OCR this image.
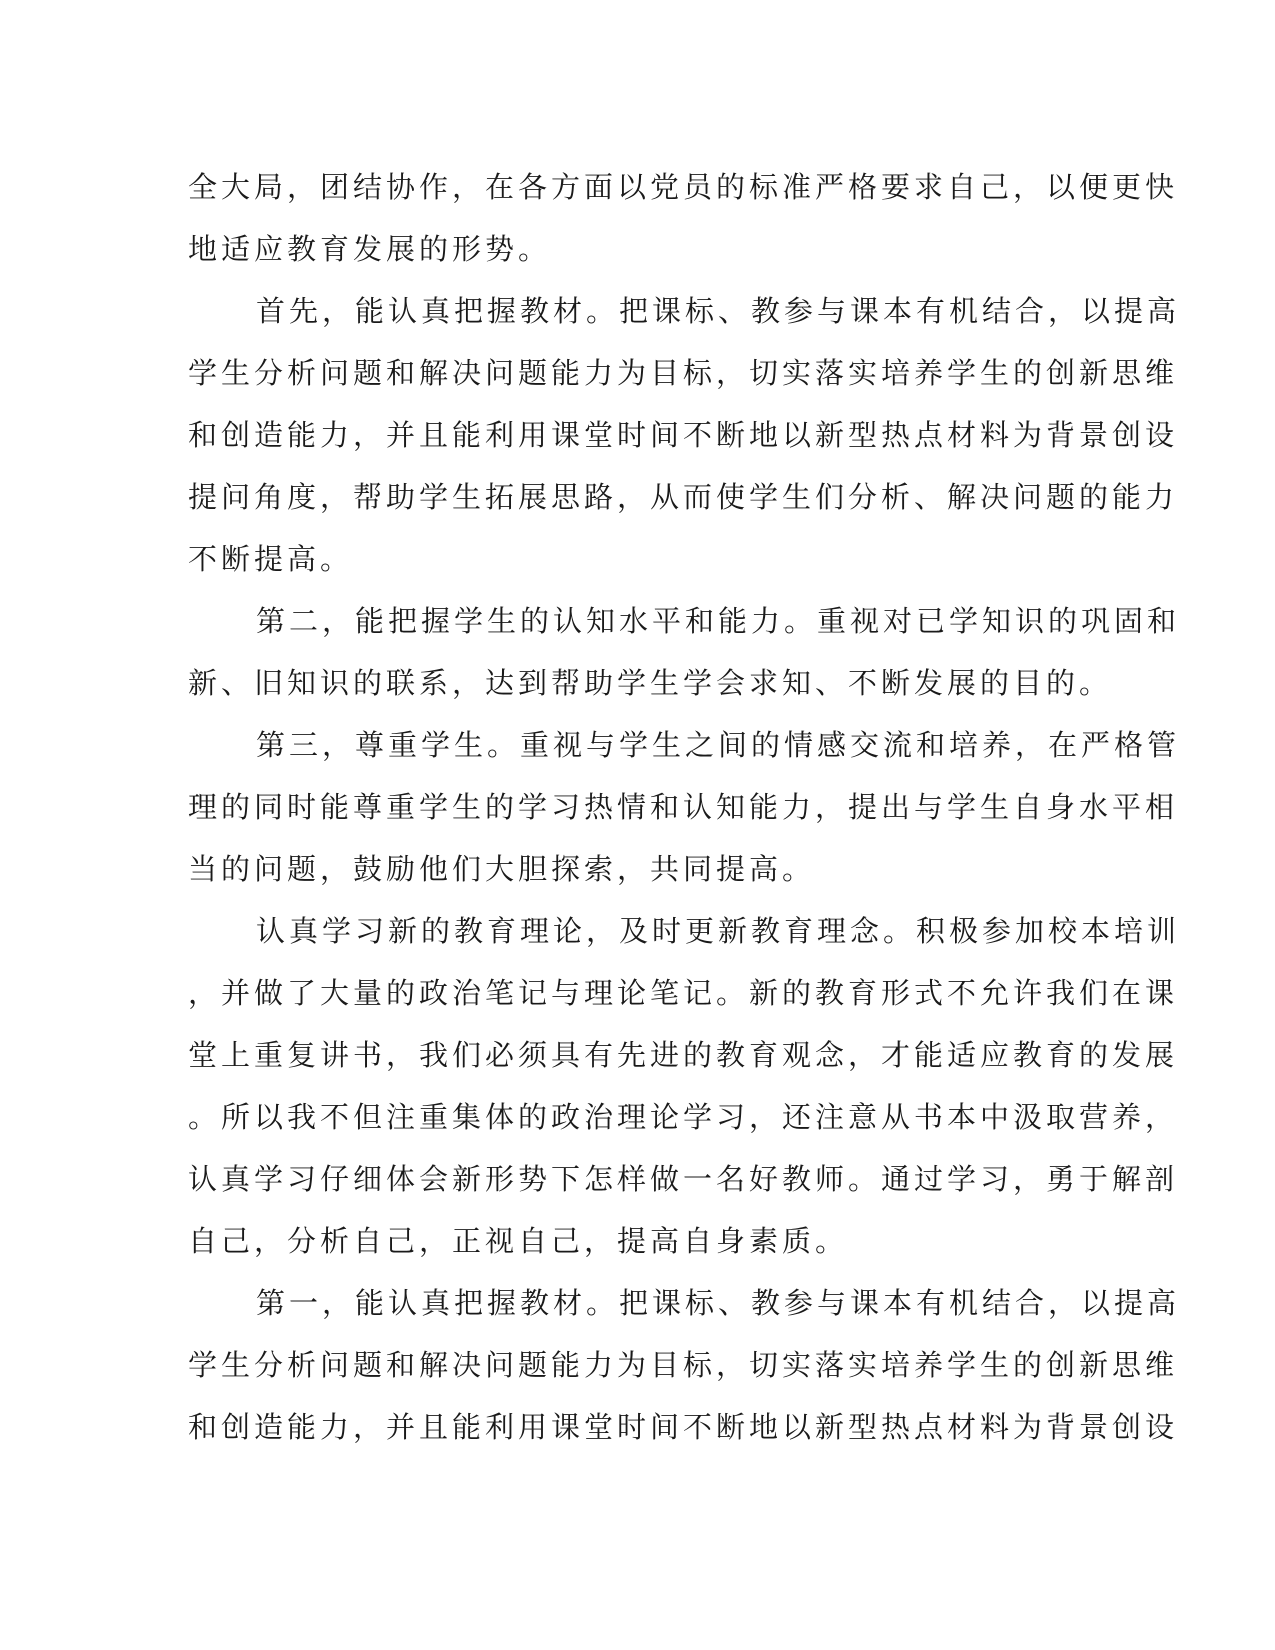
全大局，团结协作，在各方面以党员的标准严格要求自己，以便更快
地适应教育发展的形势。
首先，能认真把握教材。把课标、教参与课本有机结合，以提高
学生分析问题和解决问题能力为目标，切实落实培养学生的创新思维
和创造能力，并且能利用课堂时间不断地以新型热点材料为背景创设
提问角度，帮助学生拓展思路，从而使学生们分析、解决问题的能力
不断提高。
第二，能把握学生的认知水平和能力。重视对已学知识的巩固和
新、旧知识的联系，达到帮助学生学会求知、不断发展的目的。
第三，尊重学生。重视与学生之间的情感交流和培养，在严格管
理的同时能尊重学生的学习热情和认知能力，提出与学生自身水平相
当的问题，鼓励他们大胆探索，共同提高。
认真学习新的教育理论，及时更新教育理念。积极参加校本培训
，并做了大量的政治笔记与理论笔记。新的教育形式不允许我们在课
堂上重复讲书，我们必须具有先进的教育观念，才能适应教育的发展
。所以我不但注重集体的政治理论学习，还注意从书本中汲取营养，
认真学习仔细体会新形势下怎样做一名好教师。通过学习，勇于解剖
自己，分析自己，正视自己，提高自身素质。
第一，能认真把握教材。把课标、教参与课本有机结合，以提高
学生分析问题和解决问题能力为目标，切实落实培养学生的创新思维
和创造能力，并且能利用课堂时间不断地以新型热点材料为背景创设
